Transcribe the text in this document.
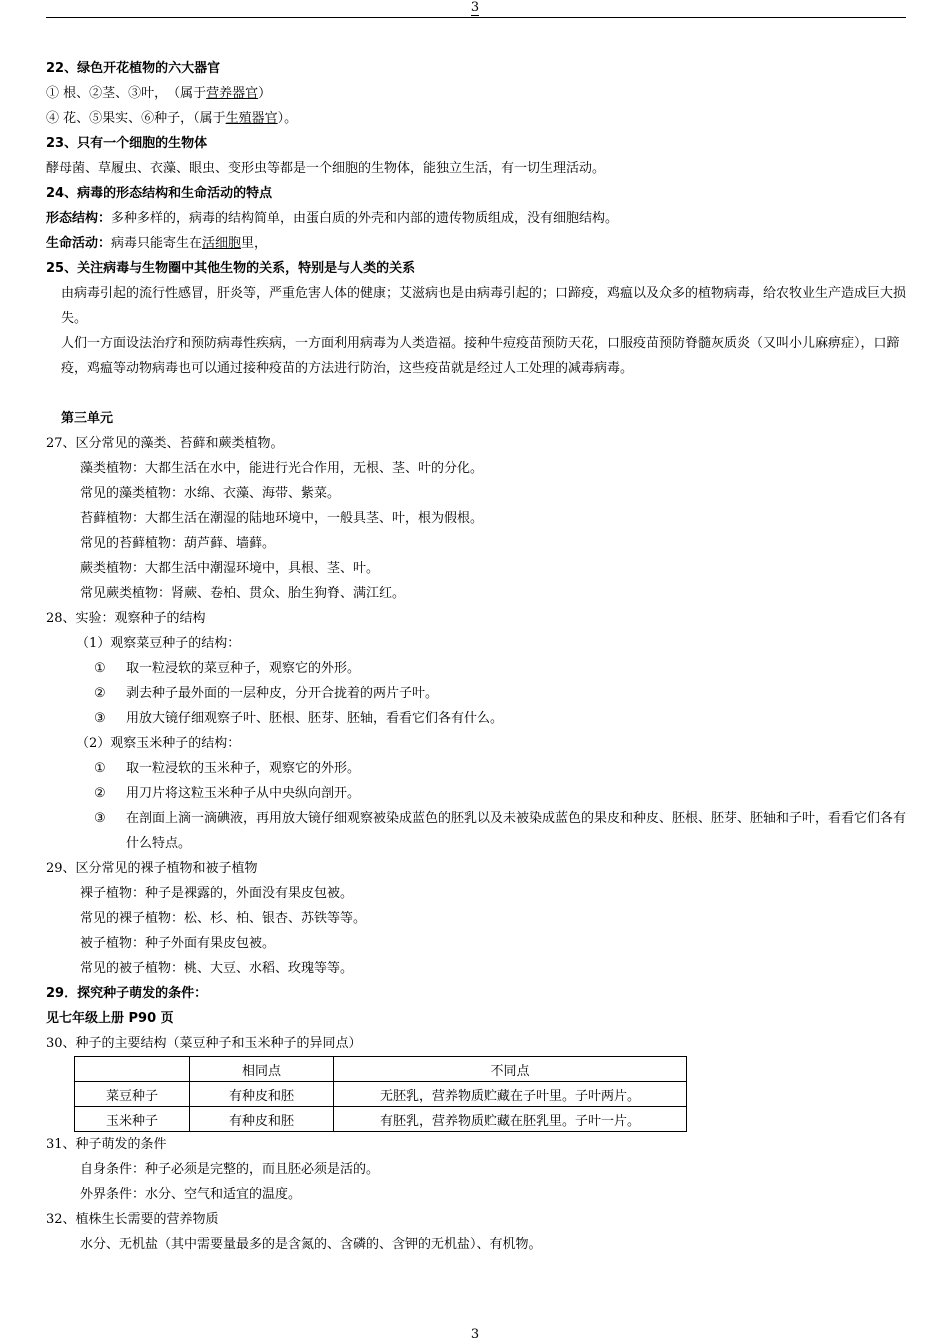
3
22、绿色开花植物的六大器官
① 根、②茎、③叶，　（属于营养器官）
④ 花、⑤果实、⑥种子，（属于生殖器官）。
23、只有一个细胞的生物体
酵母菌、草履虫、衣藻、眼虫、变形虫等都是一个细胞的生物体，能独立生活，有一切生理活动。
24、病毒的形态结构和生命活动的特点
形态结构：多种多样的，病毒的结构简单，由蛋白质的外壳和内部的遗传物质组成，没有细胞结构。
生命活动：病毒只能寄生在活细胞里，
25、关注病毒与生物圈中其他生物的关系，特别是与人类的关系
由病毒引起的流行性感冒，肝炎等，严重危害人体的健康；艾滋病也是由病毒引起的；口蹄疫，鸡瘟以及众多的植物病毒，给农牧业生产造成巨大损失。
人们一方面设法治疗和预防病毒性疾病，一方面利用病毒为人类造福。接种牛痘疫苗预防天花，口服疫苗预防脊髓灰质炎（又叫小儿麻痹症），口蹄疫，鸡瘟等动物病毒也可以通过接种疫苗的方法进行防治，这些疫苗就是经过人工处理的减毒病毒。
第三单元
27、区分常见的藻类、苔藓和蕨类植物。
藻类植物：大都生活在水中，能进行光合作用，无根、茎、叶的分化。
常见的藻类植物：水绵、衣藻、海带、紫菜。
苔藓植物：大都生活在潮湿的陆地环境中，一般具茎、叶，根为假根。
常见的苔藓植物：葫芦藓、墙藓。
蕨类植物：大都生活中潮湿环境中，具根、茎、叶。
常见蕨类植物：肾蕨、卷柏、贯众、胎生狗脊、满江红。
28、实验：观察种子的结构
（1）观察菜豆种子的结构：
①	取一粒浸软的菜豆种子，观察它的外形。
②	剥去种子最外面的一层种皮，分开合拢着的两片子叶。
③	用放大镜仔细观察子叶、胚根、胚芽、胚轴，看看它们各有什么。
（2）观察玉米种子的结构：
①	取一粒浸软的玉米种子，观察它的外形。
②	用刀片将这粒玉米种子从中央纵向剖开。
③	在剖面上滴一滴碘液，再用放大镜仔细观察被染成蓝色的胚乳以及未被染成蓝色的果皮和种皮、胚根、胚芽、胚轴和子叶，看看它们各有什么特点。
29、区分常见的裸子植物和被子植物
裸子植物：种子是裸露的，外面没有果皮包被。
常见的裸子植物：松、杉、柏、银杏、苏铁等等。
被子植物：种子外面有果皮包被。
常见的被子植物：桃、大豆、水稻、玫瑰等等。
29．探究种子萌发的条件：
见七年级上册 P90 页
30、种子的主要结构（菜豆种子和玉米种子的异同点）
	相同点	不同点
菜豆种子	有种皮和胚	无胚乳，营养物质贮藏在子叶里。子叶两片。
玉米种子	有种皮和胚	有胚乳，营养物质贮藏在胚乳里。子叶一片。
31、种子萌发的条件
自身条件：种子必须是完整的，而且胚必须是活的。
外界条件：水分、空气和适宜的温度。
32、植株生长需要的营养物质
水分、无机盐（其中需要量最多的是含氮的、含磷的、含钾的无机盐）、有机物。
3
